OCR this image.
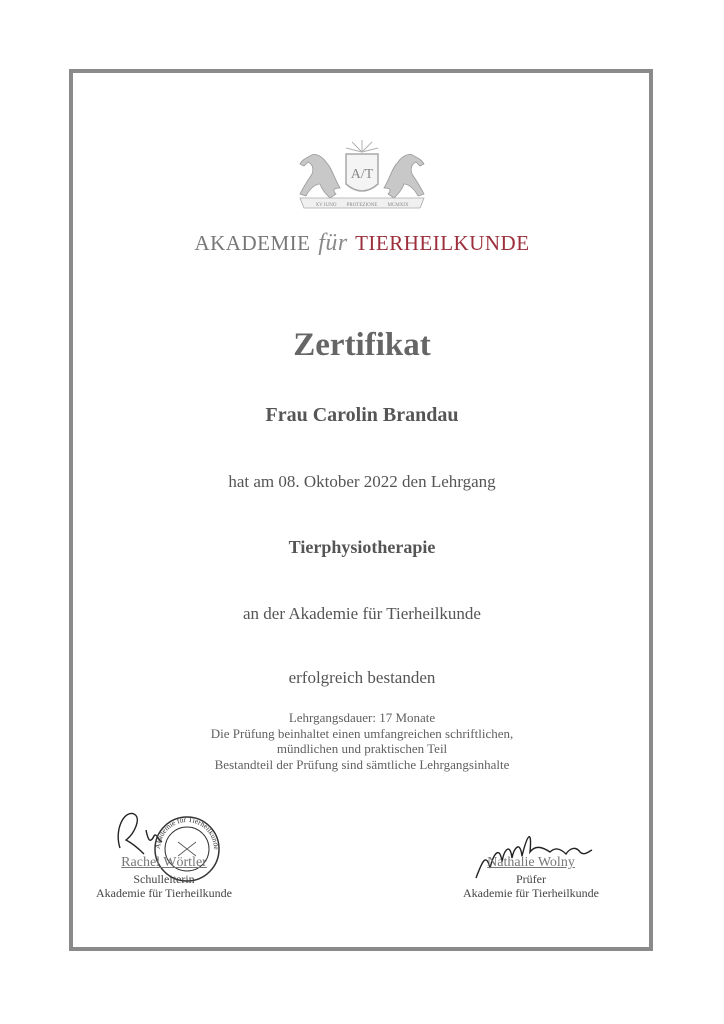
A/T
XV IUNO PROTEZIONE MCMXIX
AKADEMIE für TIERHEILKUNDE
Zertifikat
Frau Carolin Brandau
hat am 08. Oktober 2022 den Lehrgang
Tierphysiotherapie
an der Akademie für Tierheilkunde
erfolgreich bestanden
Lehrgangsdauer: 17 Monate
Die Prüfung beinhaltet einen umfangreichen schriftlichen,
mündlichen und praktischen Teil
Bestandteil der Prüfung sind sämtliche Lehrgangsinhalte
Akademie für Tierheilkunde
Rachel Wörtler
Schulleiterin
Akademie für Tierheilkunde
Nathalie Wolny
Prüfer
Akademie für Tierheilkunde
